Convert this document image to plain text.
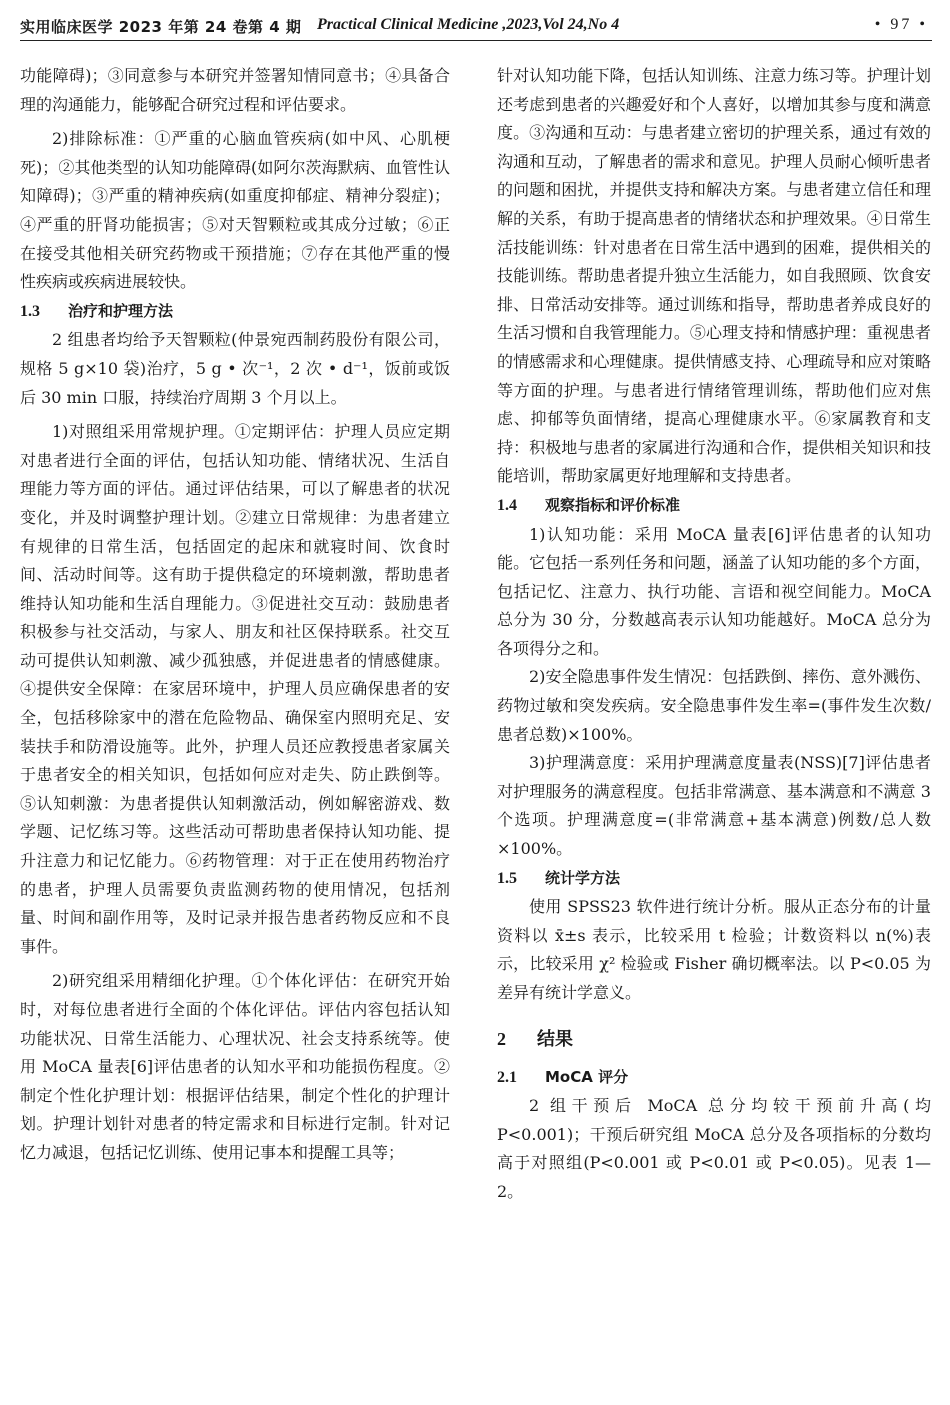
实用临床医学 2023 年第 24 卷第 4 期 Practical Clinical Medicine ,2023,Vol 24,No 4	• 97 •

功能障碍)；③同意参与本研究并签署知情同意书；④具备合理的沟通能力，能够配合研究过程和评估要求。

2)排除标准：①严重的心脑血管疾病(如中风、心肌梗死)；②其他类型的认知功能障碍(如阿尔茨海默病、血管性认知障碍)；③严重的精神疾病(如重度抑郁症、精神分裂症)；④严重的肝肾功能损害；⑤对天智颗粒或其成分过敏；⑥正在接受其他相关研究药物或干预措施；⑦存在其他严重的慢性疾病或疾病进展较快。

1.3 治疗和护理方法

2 组患者均给予天智颗粒(仲景宛西制药股份有限公司，规格 5 g×10 袋)治疗，5 g • 次⁻¹，2 次 • d⁻¹，饭前或饭后 30 min 口服，持续治疗周期 3 个月以上。

1)对照组采用常规护理。①定期评估：护理人员应定期对患者进行全面的评估，包括认知功能、情绪状况、生活自理能力等方面的评估。通过评估结果，可以了解患者的状况变化，并及时调整护理计划。②建立日常规律：为患者建立有规律的日常生活，包括固定的起床和就寝时间、饮食时间、活动时间等。这有助于提供稳定的环境刺激，帮助患者维持认知功能和生活自理能力。③促进社交互动：鼓励患者积极参与社交活动，与家人、朋友和社区保持联系。社交互动可提供认知刺激、减少孤独感，并促进患者的情感健康。④提供安全保障：在家居环境中，护理人员应确保患者的安全，包括移除家中的潜在危险物品、确保室内照明充足、安装扶手和防滑设施等。此外，护理人员还应教授患者家属关于患者安全的相关知识，包括如何应对走失、防止跌倒等。⑤认知刺激：为患者提供认知刺激活动，例如解密游戏、数学题、记忆练习等。这些活动可帮助患者保持认知功能、提升注意力和记忆能力。⑥药物管理：对于正在使用药物治疗的患者，护理人员需要负责监测药物的使用情况，包括剂量、时间和副作用等，及时记录并报告患者药物反应和不良事件。

2)研究组采用精细化护理。①个体化评估：在研究开始时，对每位患者进行全面的个体化评估。评估内容包括认知功能状况、日常生活能力、心理状况、社会支持系统等。使用 MoCA 量表[6]评估患者的认知水平和功能损伤程度。②制定个性化护理计划：根据评估结果，制定个性化的护理计划。护理计划针对患者的特定需求和目标进行定制。针对记忆力减退，包括记忆训练、使用记事本和提醒工具等；

针对认知功能下降，包括认知训练、注意力练习等。护理计划还考虑到患者的兴趣爱好和个人喜好，以增加其参与度和满意度。③沟通和互动：与患者建立密切的护理关系，通过有效的沟通和互动，了解患者的需求和意见。护理人员耐心倾听患者的问题和困扰，并提供支持和解决方案。与患者建立信任和理解的关系，有助于提高患者的情绪状态和护理效果。④日常生活技能训练：针对患者在日常生活中遇到的困难，提供相关的技能训练。帮助患者提升独立生活能力，如自我照顾、饮食安排、日常活动安排等。通过训练和指导，帮助患者养成良好的生活习惯和自我管理能力。⑤心理支持和情感护理：重视患者的情感需求和心理健康。提供情感支持、心理疏导和应对策略等方面的护理。与患者进行情绪管理训练，帮助他们应对焦虑、抑郁等负面情绪，提高心理健康水平。⑥家属教育和支持：积极地与患者的家属进行沟通和合作，提供相关知识和技能培训，帮助家属更好地理解和支持患者。

1.4 观察指标和评价标准

1)认知功能：采用 MoCA 量表[6]评估患者的认知功能。它包括一系列任务和问题，涵盖了认知功能的多个方面，包括记忆、注意力、执行功能、言语和视空间能力。MoCA 总分为 30 分，分数越高表示认知功能越好。MoCA 总分为各项得分之和。

2)安全隐患事件发生情况：包括跌倒、摔伤、意外溅伤、药物过敏和突发疾病。安全隐患事件发生率=(事件发生次数/患者总数)×100%。

3)护理满意度：采用护理满意度量表(NSS)[7]评估患者对护理服务的满意程度。包括非常满意、基本满意和不满意 3 个选项。护理满意度=(非常满意+基本满意)例数/总人数×100%。

1.5 统计学方法

使用 SPSS23 软件进行统计分析。服从正态分布的计量资料以 x̄±s 表示，比较采用 t 检验；计数资料以 n(%)表示，比较采用 χ² 检验或 Fisher 确切概率法。以 P<0.05 为差异有统计学意义。

2 结果
2.1 MoCA 评分

2 组干预后 MoCA 总分均较干预前升高(均 P<0.001)；干预后研究组 MoCA 总分及各项指标的分数均高于对照组(P<0.001 或 P<0.01 或 P<0.05)。见表 1—2。
